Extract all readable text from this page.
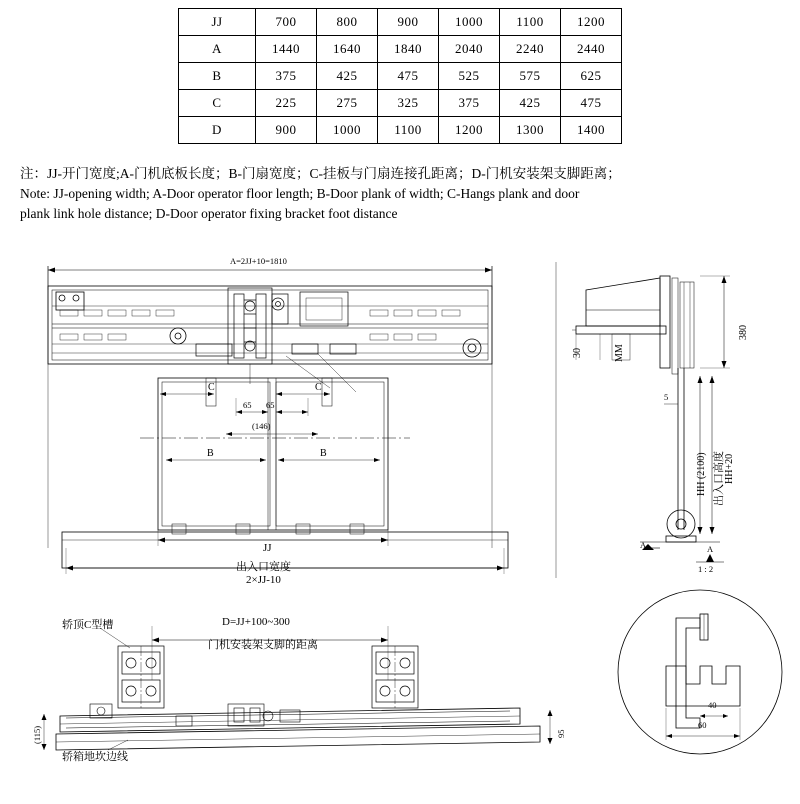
JJ	700	800	900	1000	1100	1200
A	1440	1640	1840	2040	2240	2440
B	375	425	475	525	575	625
C	225	275	325	375	425	475
D	900	1000	1100	1200	1300	1400
注：JJ-开门宽度;A-门机底板长度；B-门扇宽度；C-挂板与门扇连接孔距离；D-门机安装架支脚距离；
Note: JJ-opening width; A-Door operator floor length; B-Door plank of width; C-Hangs plank and door
plank link hole distance; D-Door operator fixing bracket foot distance
A=2JJ+10=1810
C	C
65 65
(146)
B	B
JJ
出入口宽度
2×JJ-10
380
30	MM
5
HH (2100) 出入口高度 HH+20
A	A
1 : 2
轿顶C型槽	D=JJ+100~300
门机安装架支脚的距离
(115)	95
轿箱地坎边线
40
60
